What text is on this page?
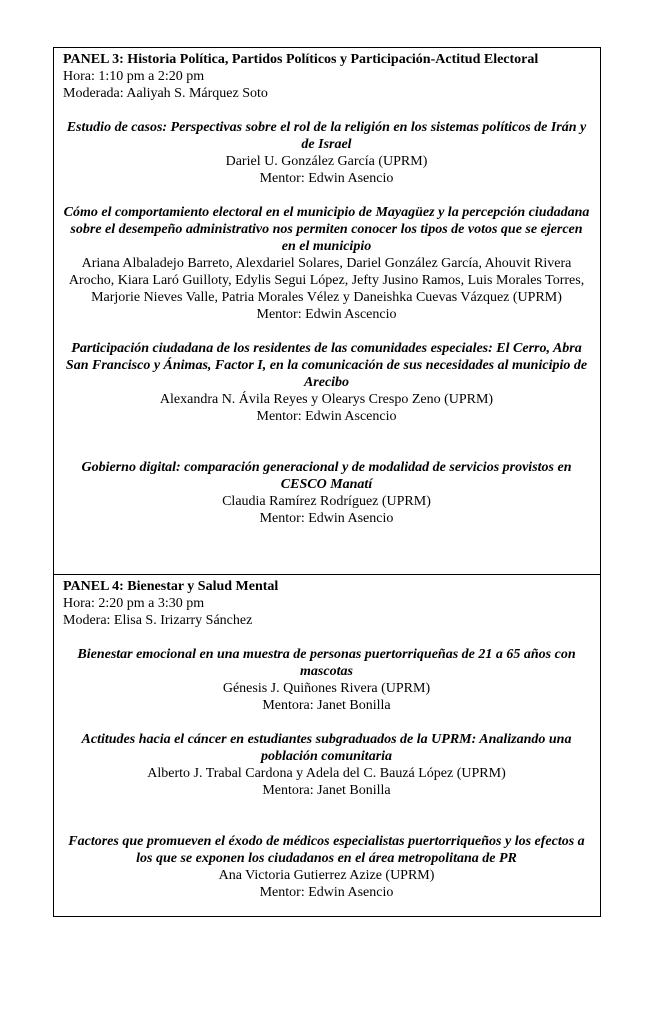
PANEL 3: Historia Política, Partidos Políticos y Participación-Actitud Electoral

Hora: 1:10 pm a 2:20 pm

Moderada: Aaliyah S. Márquez Soto

Estudio de casos: Perspectivas sobre el rol de la religión en los sistemas políticos de Irán y de Israel

Dariel U. González García (UPRM)

Mentor: Edwin Asencio

Cómo el comportamiento electoral en el municipio de Mayagüez y la percepción ciudadana sobre el desempeño administrativo nos permiten conocer los tipos de votos que se ejercen en el municipio

Ariana Albaladejo Barreto, Alexdariel Solares, Dariel González García, Ahouvit Rivera Arocho, Kiara Laró Guilloty, Edylis Segui López, Jefty Jusino Ramos, Luis Morales Torres, Marjorie Nieves Valle, Patria Morales Vélez y Daneishka Cuevas Vázquez (UPRM)

Mentor: Edwin Ascencio

Participación ciudadana de los residentes de las comunidades especiales: El Cerro, Abra San Francisco y Ánimas, Factor I, en la comunicación de sus necesidades al municipio de Arecibo

Alexandra N. Ávila Reyes y Olearys Crespo Zeno (UPRM)

Mentor: Edwin Ascencio

Gobierno digital: comparación generacional y de modalidad de servicios provistos en CESCO Manatí

Claudia Ramírez Rodríguez (UPRM)

Mentor: Edwin Asencio

PANEL 4: Bienestar y Salud Mental

Hora: 2:20 pm a 3:30 pm

Modera: Elisa S. Irizarry Sánchez

Bienestar emocional en una muestra de personas puertorriqueñas de 21 a 65 años con mascotas

Génesis J. Quiñones Rivera (UPRM)

Mentora: Janet Bonilla

Actitudes hacia el cáncer en estudiantes subgraduados de la UPRM: Analizando una población comunitaria

Alberto J. Trabal Cardona y Adela del C. Bauzá López (UPRM)

Mentora: Janet Bonilla

Factores que promueven el éxodo de médicos especialistas puertorriqueños y los efectos a los que se exponen los ciudadanos en el área metropolitana de PR

Ana Victoria Gutierrez Azize (UPRM)

Mentor: Edwin Asencio
